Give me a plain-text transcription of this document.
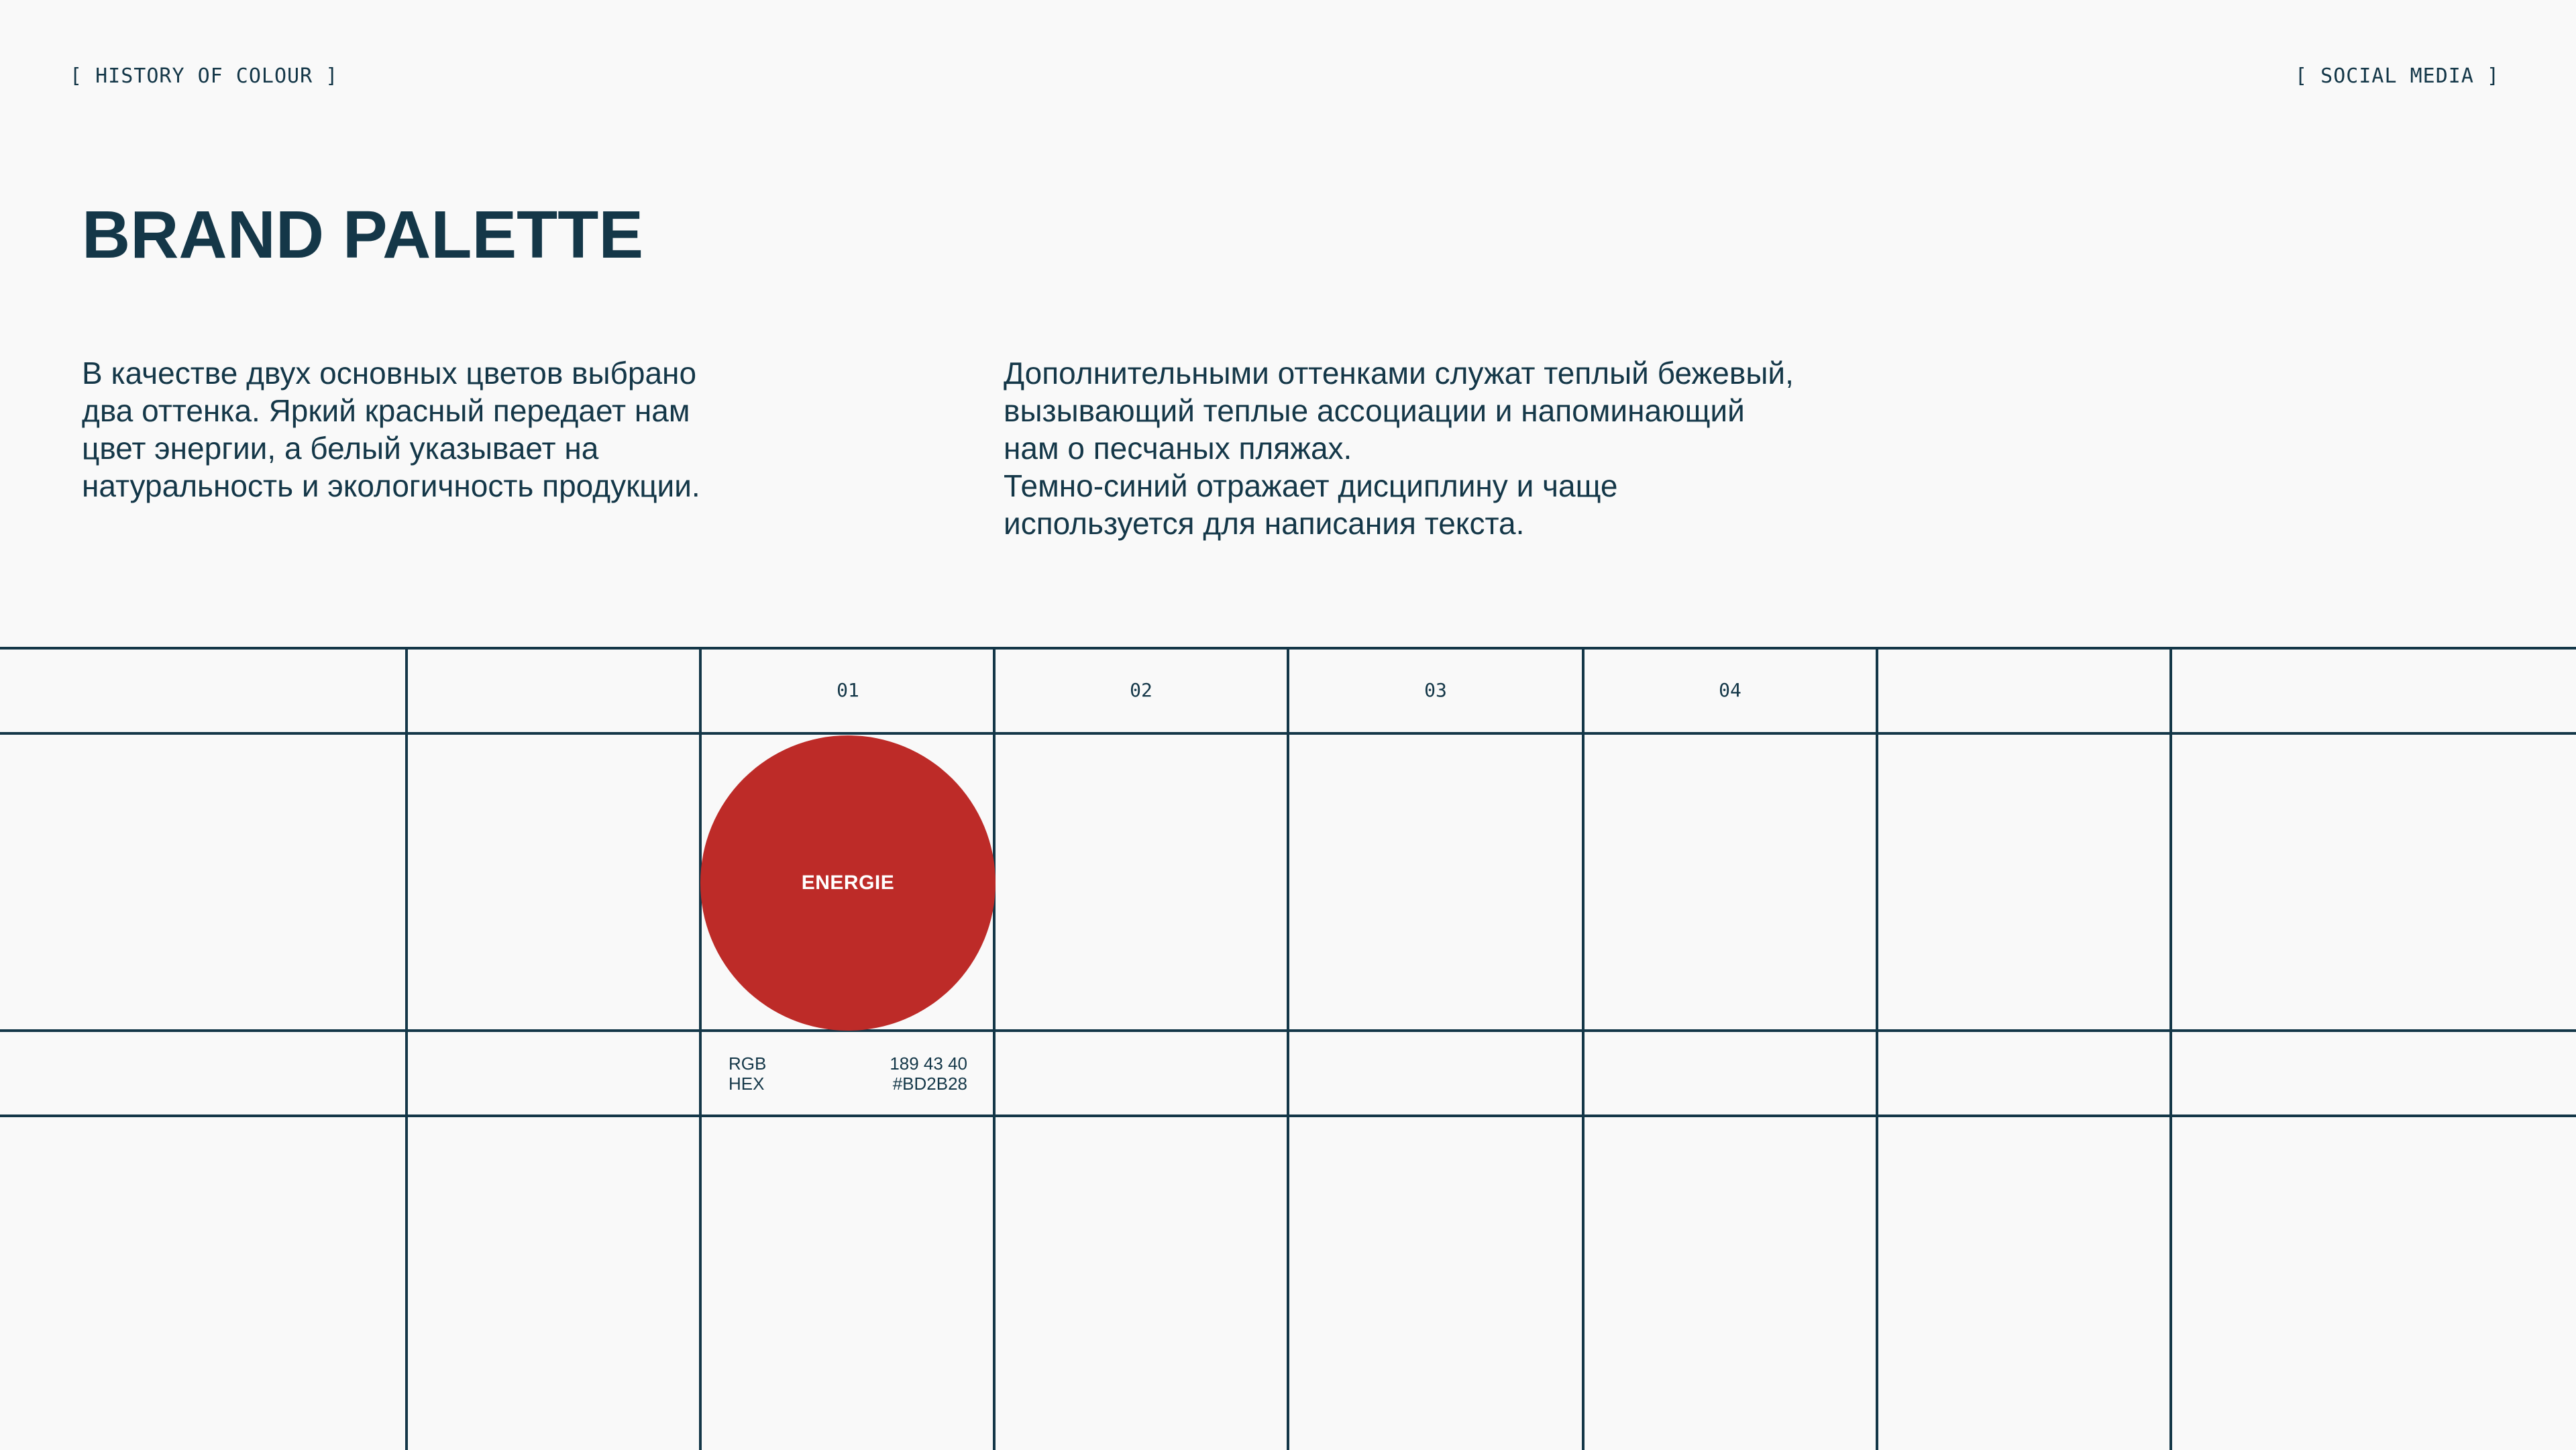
[ HISTORY OF COLOUR ]	[ SOCIAL MEDIA ]
BRAND PALETTE

В качестве двух основных цветов выбрано
два оттенка. Яркий красный передает нам
цвет энергии, а белый указывает на
натуральность и экологичность продукции.

Дополнительными оттенками служат теплый бежевый,
вызывающий теплые ассоциации и напоминающий
нам о песчаных пляжах.
Темно-синий отражает дисциплину и чаще
используется для написания текста.

01	02	03	04
ENERGIE
RGB	189 43 40
HEX	#BD2B28
